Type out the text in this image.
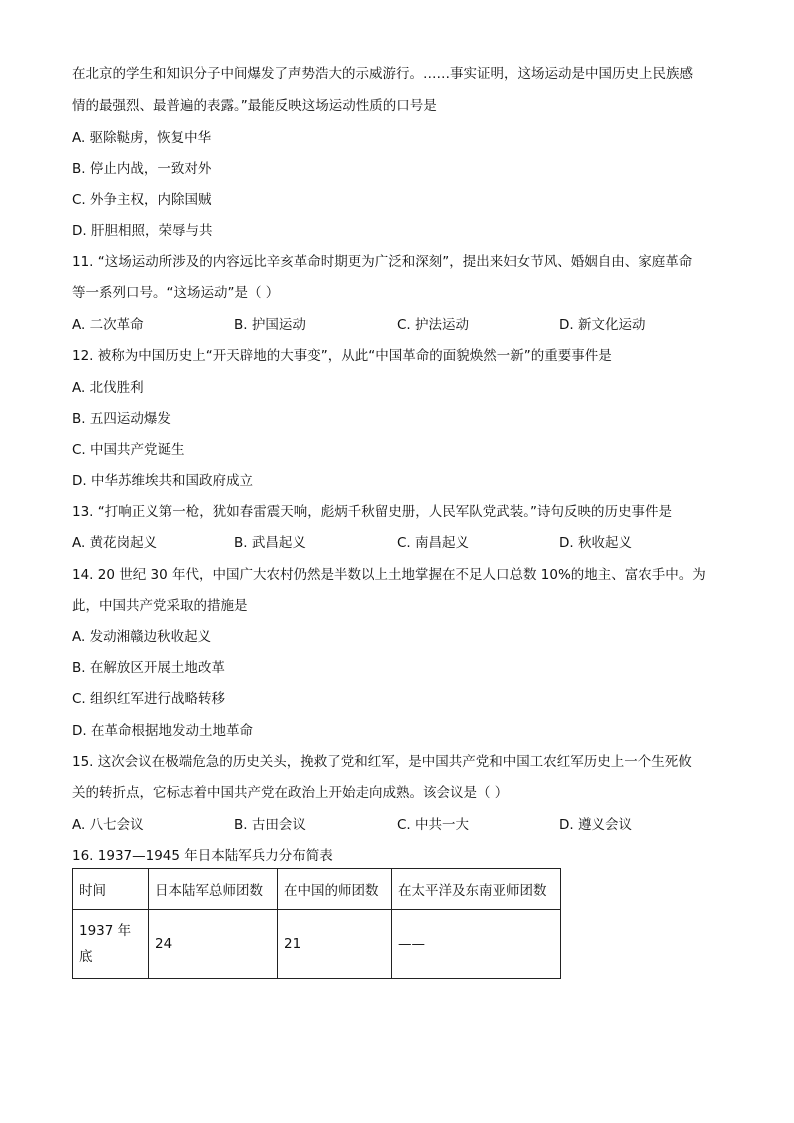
在北京的学生和知识分子中间爆发了声势浩大的示威游行。……事实证明，这场运动是中国历史上民族感
情的最强烈、最普遍的表露。”最能反映这场运动性质的口号是
A. 驱除鞑虏，恢复中华
B. 停止内战，一致对外
C. 外争主权，内除国贼
D. 肝胆相照，荣辱与共
11. “这场运动所涉及的内容远比辛亥革命时期更为广泛和深刻”，提出来妇女节风、婚姻自由、家庭革命
等一系列口号。“这场运动”是（ ）
A. 二次革命	B. 护国运动	C. 护法运动	D. 新文化运动
12. 被称为中国历史上“开天辟地的大事变”，从此“中国革命的面貌焕然一新”的重要事件是
A. 北伐胜利
B. 五四运动爆发
C. 中国共产党诞生
D. 中华苏维埃共和国政府成立
13. “打响正义第一枪，犹如春雷震天响，彪炳千秋留史册，人民军队党武装。”诗句反映的历史事件是
A. 黄花岗起义	B. 武昌起义	C. 南昌起义	D. 秋收起义
14. 20 世纪 30 年代，中国广大农村仍然是半数以上土地掌握在不足人口总数 10%的地主、富农手中。为
此，中国共产党采取的措施是
A. 发动湘赣边秋收起义
B. 在解放区开展土地改革
C. 组织红军进行战略转移
D. 在革命根据地发动土地革命
15. 这次会议在极端危急的历史关头，挽救了党和红军，是中国共产党和中国工农红军历史上一个生死攸
关的转折点，它标志着中国共产党在政治上开始走向成熟。该会议是（ ）
A. 八七会议	B. 古田会议	C. 中共一大	D. 遵义会议
16. 1937—1945 年日本陆军兵力分布简表
时间	日本陆军总师团数	在中国的师团数	在太平洋及东南亚师团数

1937 年
底	24	21	——
